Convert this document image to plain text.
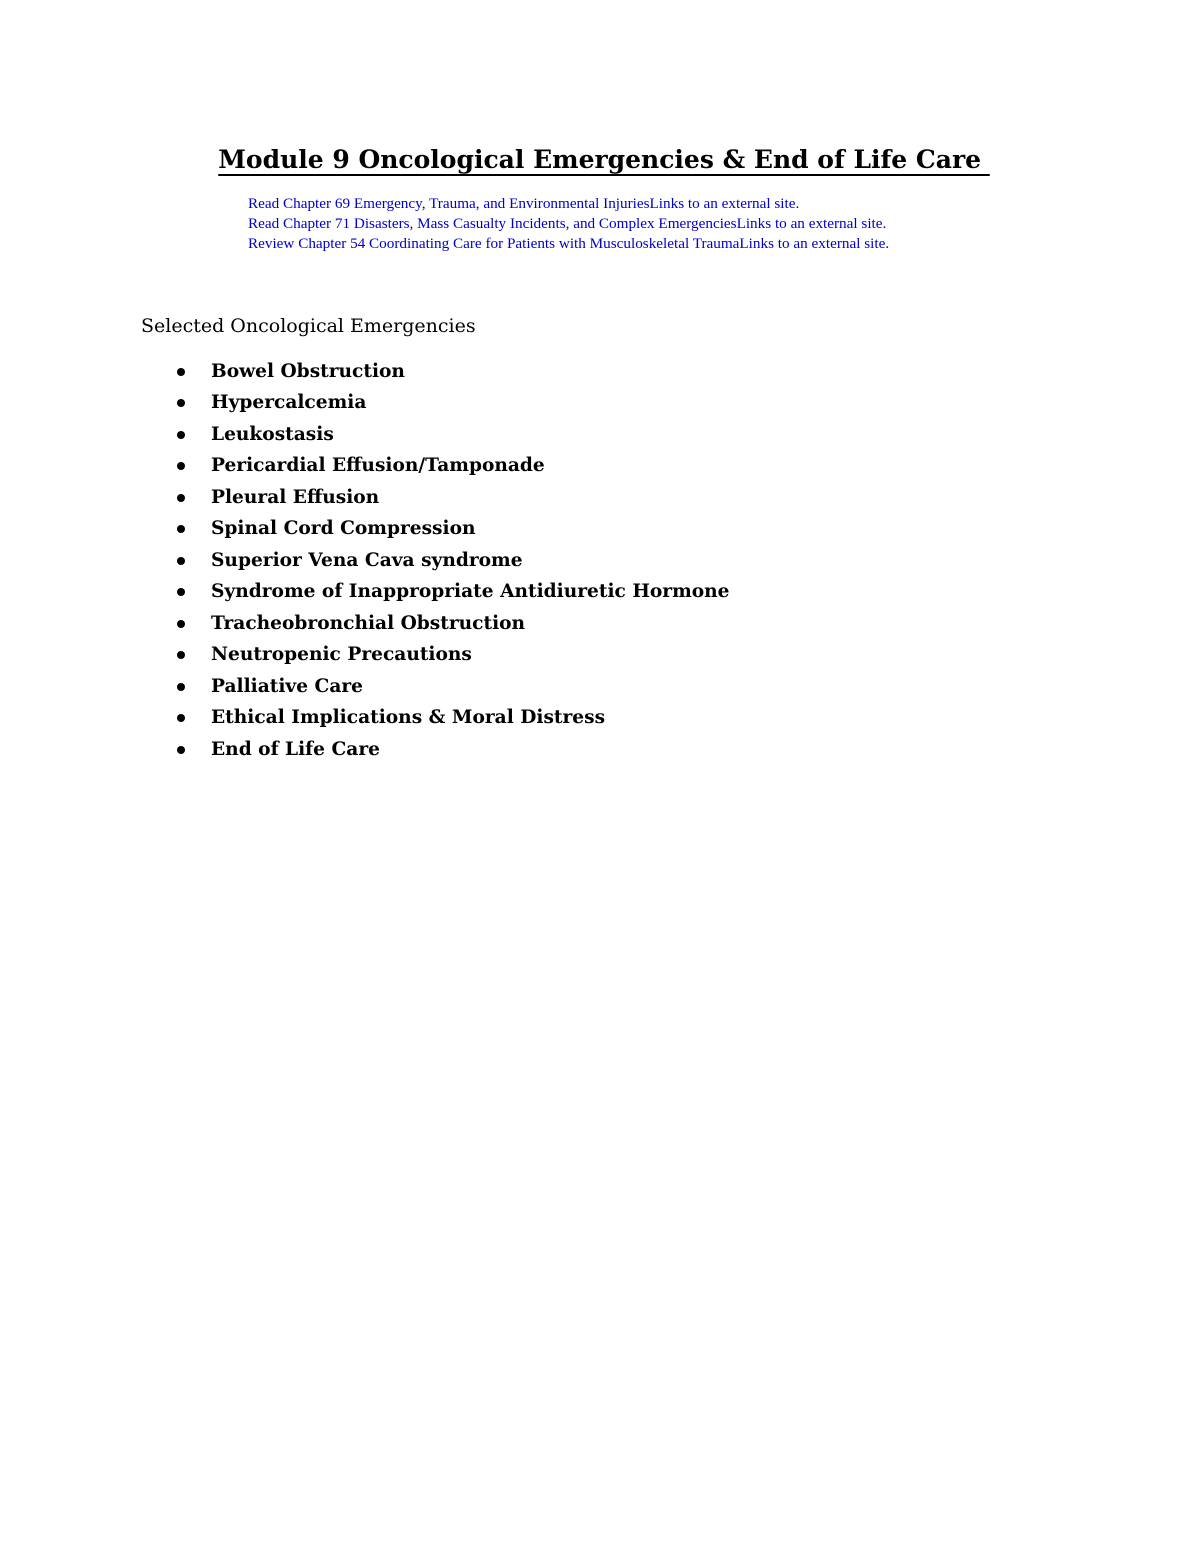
Module 9 Oncological Emergencies & End of Life Care
Read Chapter 69 Emergency, Trauma, and Environmental InjuriesLinks to an external site.
Read Chapter 71 Disasters, Mass Casualty Incidents, and Complex EmergenciesLinks to an external site.
Review Chapter 54 Coordinating Care for Patients with Musculoskeletal TraumaLinks to an external site.
Selected Oncological Emergencies
Bowel Obstruction
Hypercalcemia
Leukostasis
Pericardial Effusion/Tamponade
Pleural Effusion
Spinal Cord Compression
Superior Vena Cava syndrome
Syndrome of Inappropriate Antidiuretic Hormone
Tracheobronchial Obstruction
Neutropenic Precautions
Palliative Care
Ethical Implications & Moral Distress
End of Life Care
